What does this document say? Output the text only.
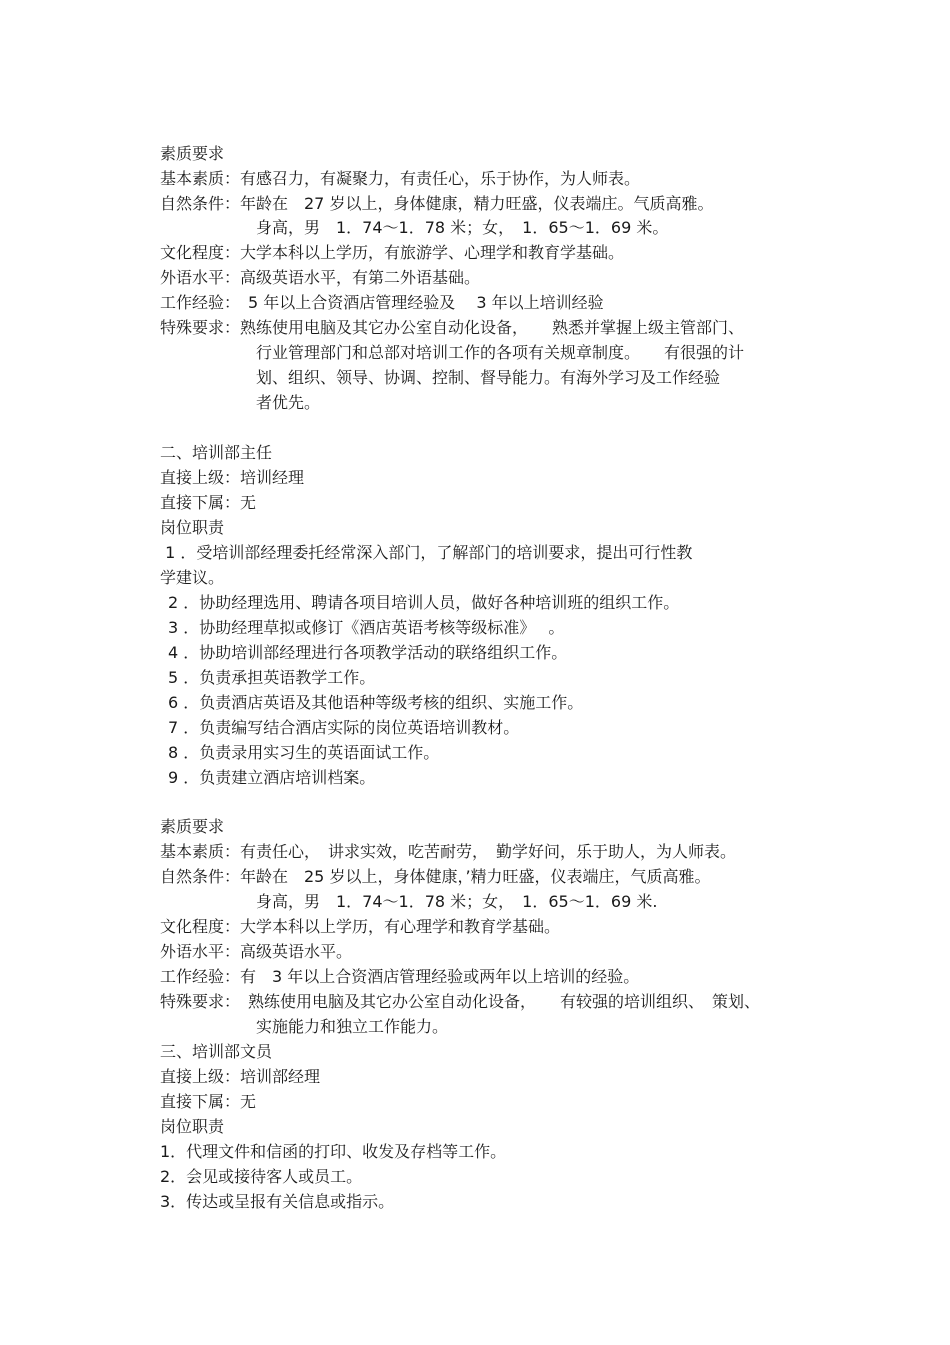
素质要求
基本素质：有感召力，有凝聚力，有责任心，乐于协作，为人师表。
自然条件：年龄在　27 岁以上，身体健康，精力旺盛，仪表端庄。气质高雅。
身高，男　1．74～1．78 米；女，　1．65～1．69 米。
文化程度：大学本科以上学历，有旅游学、心理学和教育学基础。
外语水平：高级英语水平，有第二外语基础。
工作经验：　5 年以上合资酒店管理经验及　 3 年以上培训经验
特殊要求：熟练使用电脑及其它办公室自动化设备，　　熟悉并掌握上级主管部门、
行业管理部门和总部对培训工作的各项有关规章制度。　　有很强的计
划、组织、领导、协调、控制、督导能力。有海外学习及工作经验
者优先。
二、培训部主任
直接上级：培训经理
直接下属：无
岗位职责
1 ．受培训部经理委托经常深入部门，了解部门的培训要求，提出可行性教
学建议。
2 ．协助经理选用、聘请各项目培训人员，做好各种培训班的组织工作。
3 ．协助经理草拟或修订《酒店英语考核等级标准》　 。
4 ．协助培训部经理进行各项教学活动的联络组织工作。
5 ．负责承担英语教学工作。
6 ．负责酒店英语及其他语种等级考核的组织、实施工作。
7 ．负责编写结合酒店实际的岗位英语培训教材。
8 ．负责录用实习生的英语面试工作。
9 ．负责建立酒店培训档案。
素质要求
基本素质：有责任心，　讲求实效，吃苦耐劳，　勤学好问，乐于助人，为人师表。
自然条件：年龄在　25 岁以上，身体健康，’精力旺盛，仪表端庄，气质高雅。
身高，男　1．74～1．78 米；女，　1．65～1．69 米.
文化程度：大学本科以上学历，有心理学和教育学基础。
外语水平：高级英语水平。
工作经验：有　3 年以上合资酒店管理经验或两年以上培训的经验。
特殊要求：　熟练使用电脑及其它办公室自动化设备，　　有较强的培训组织、　策划、
实施能力和独立工作能力。
三、培训部文员
直接上级：培训部经理
直接下属：无
岗位职责
1．代理文件和信函的打印、收发及存档等工作。
2．会见或接待客人或员工。
3．传达或呈报有关信息或指示。
